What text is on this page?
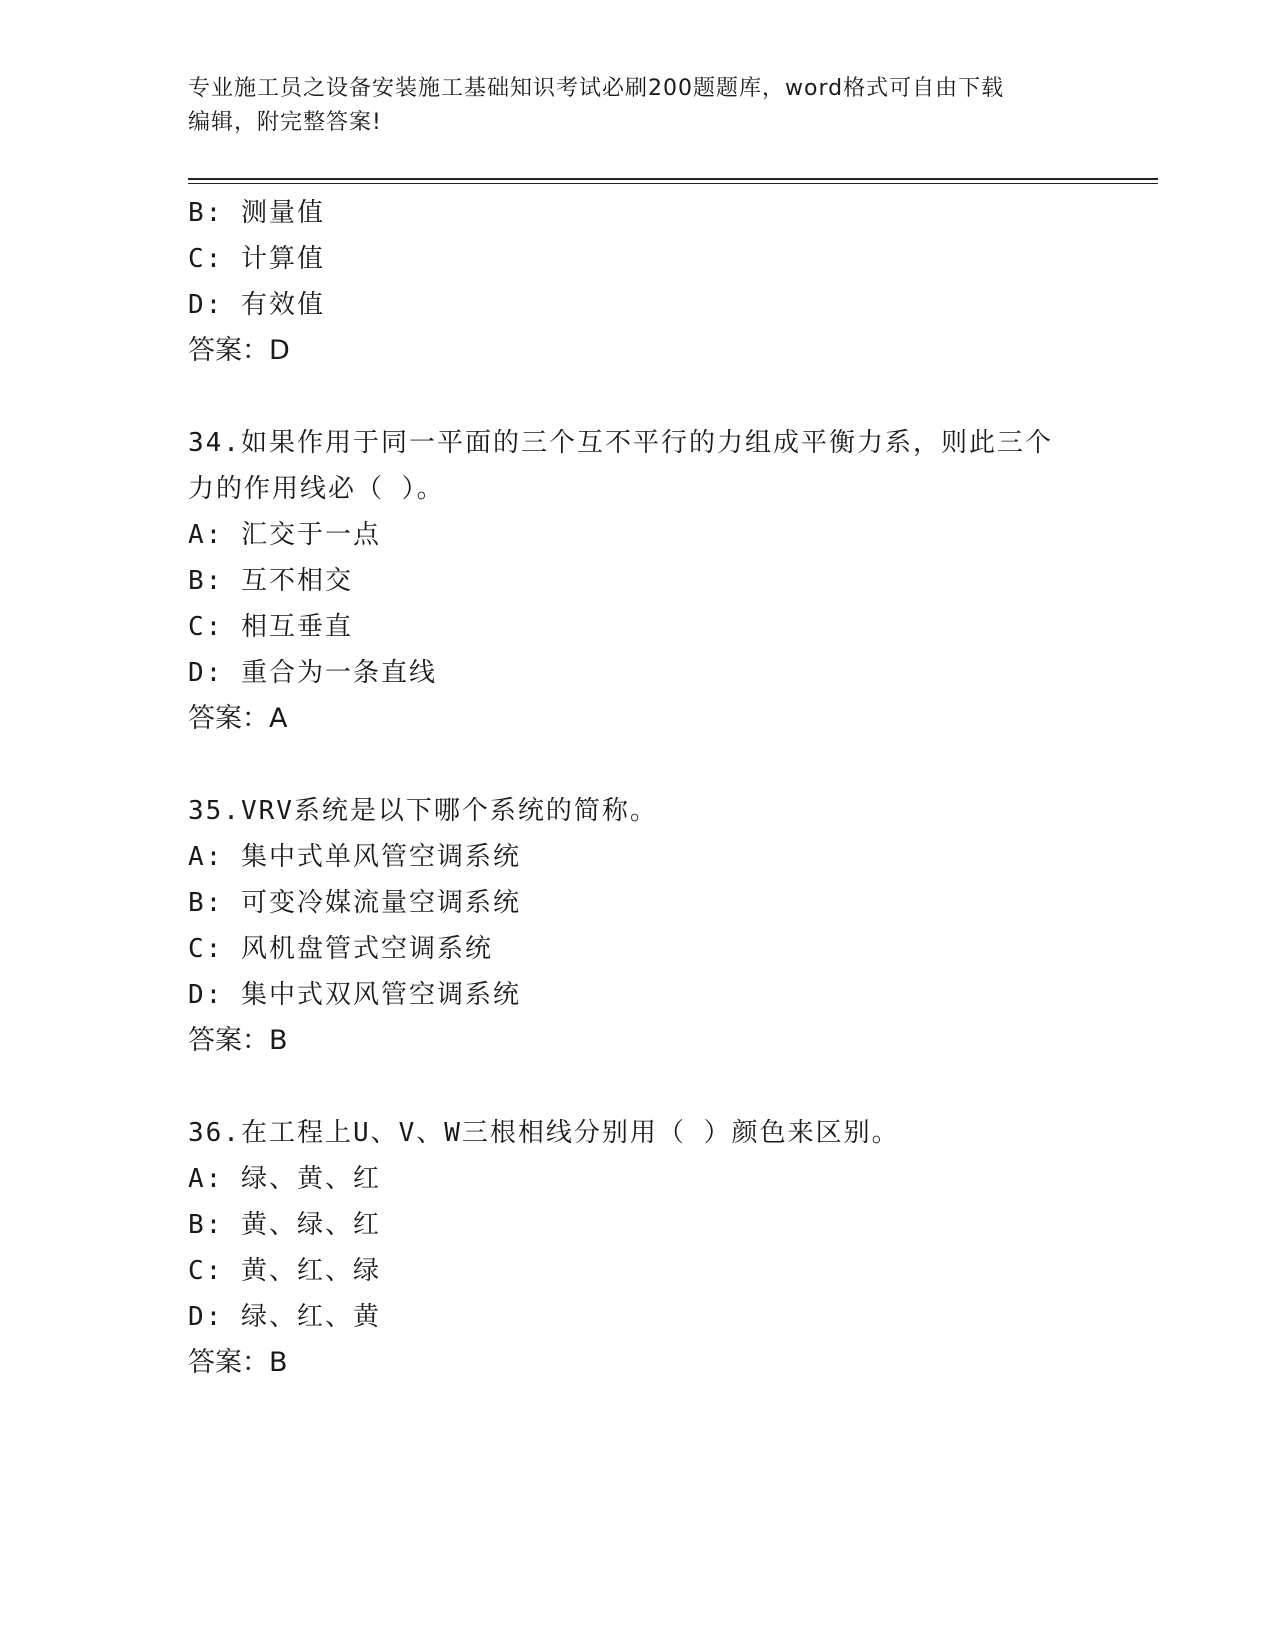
专业施工员之设备安装施工基础知识考试必刷200题题库，word格式可自由下载
编辑，附完整答案!
B: 测量值
C: 计算值
D: 有效值
答案：D
34.如果作用于同一平面的三个互不平行的力组成平衡力系，则此三个
力的作用线必（ ）。
A: 汇交于一点
B: 互不相交
C: 相互垂直
D: 重合为一条直线
答案：A
35.VRV系统是以下哪个系统的简称。
A: 集中式单风管空调系统
B: 可变冷媒流量空调系统
C: 风机盘管式空调系统
D: 集中式双风管空调系统
答案：B
36.在工程上U、V、W三根相线分别用（ ）颜色来区别。
A: 绿、黄、红
B: 黄、绿、红
C: 黄、红、绿
D: 绿、红、黄
答案：B
